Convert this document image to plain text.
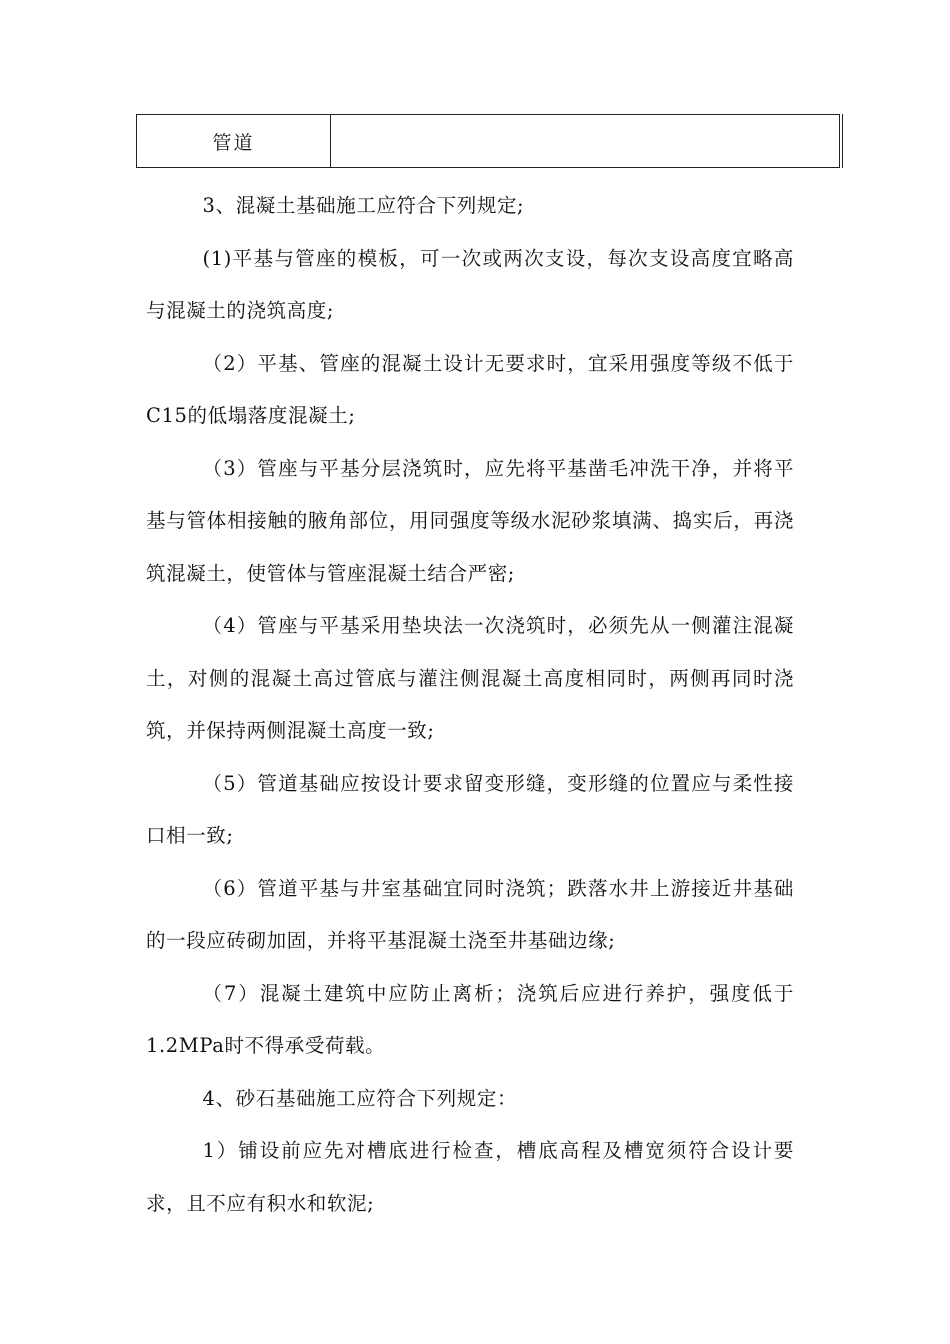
管道

3、混凝土基础施工应符合下列规定;

(1)平基与管座的模板，可一次或两次支设，每次支设高度宜略高与混凝土的浇筑高度;

（2）平基、管座的混凝土设计无要求时，宜采用强度等级不低于C15的低塌落度混凝土;

（3）管座与平基分层浇筑时，应先将平基凿毛冲洗干净，并将平基与管体相接触的腋角部位，用同强度等级水泥砂浆填满、捣实后，再浇筑混凝土，使管体与管座混凝土结合严密;

（4）管座与平基采用垫块法一次浇筑时，必须先从一侧灌注混凝土，对侧的混凝土高过管底与灌注侧混凝土高度相同时，两侧再同时浇筑，并保持两侧混凝土高度一致;

（5）管道基础应按设计要求留变形缝，变形缝的位置应与柔性接口相一致;

（6）管道平基与井室基础宜同时浇筑；跌落水井上游接近井基础的一段应砖砌加固，并将平基混凝土浇至井基础边缘;

（7）混凝土建筑中应防止离析；浇筑后应进行养护，强度低于1.2MPa时不得承受荷载。

4、砂石基础施工应符合下列规定：

1）铺设前应先对槽底进行检查，槽底高程及槽宽须符合设计要求，且不应有积水和软泥;
